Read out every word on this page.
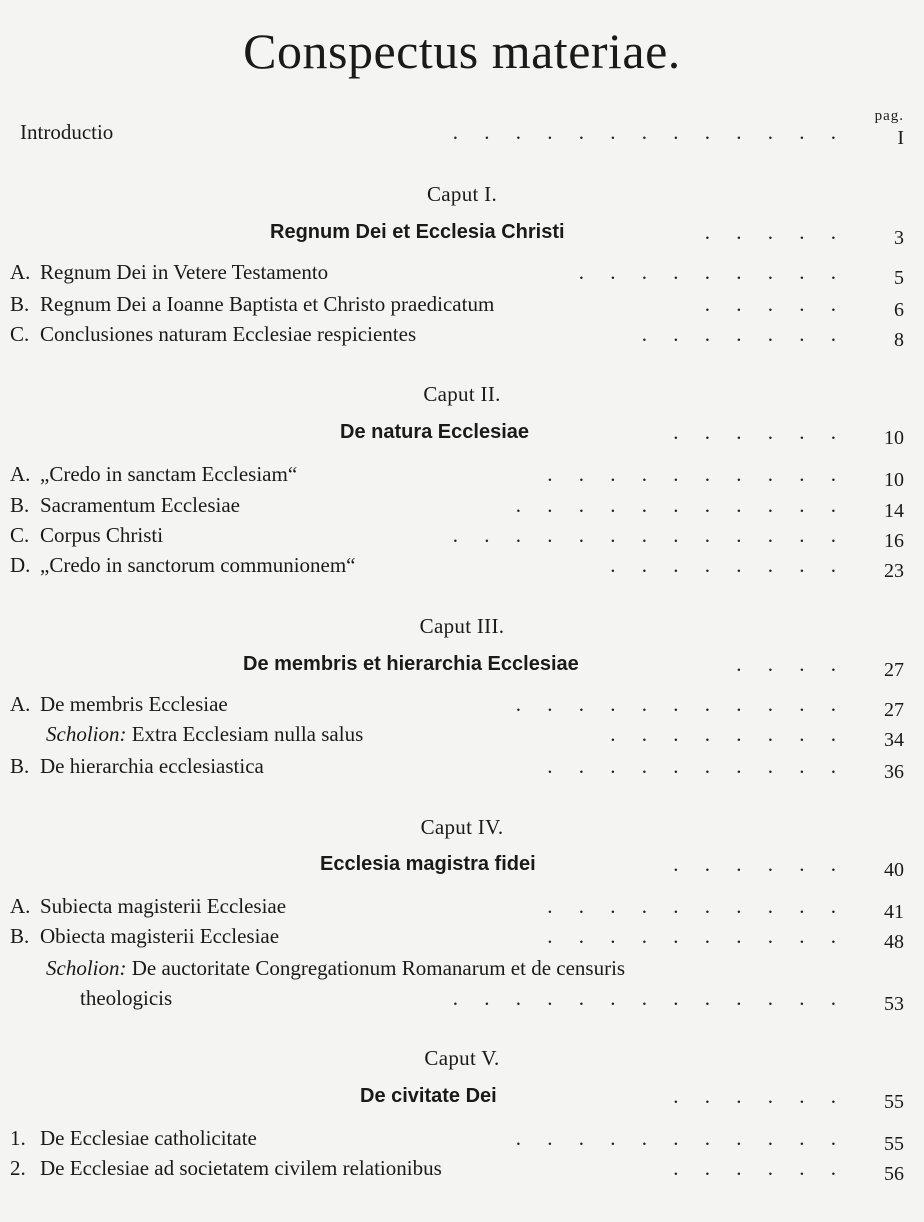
Conspectus materiae.
pag.
Introductio	.     .     .     .     .     .     .     .     .     .     .     .     .	I
Caput I.
Regnum Dei et Ecclesia Christi	.     .     .     .     .	3
A. Regnum Dei in Vetere Testamento	.     .     .     .     .     .     .     .     .	5
B. Regnum Dei a Ioanne Baptista et Christo praedicatum	.     .     .     .     .	6
C. Conclusiones naturam Ecclesiae respicientes	.     .     .     .     .     .     .	8
Caput II.
De natura Ecclesiae	.     .     .     .     .     . 10
A. „Credo in sanctam Ecclesiam“	.     .     .     .     .     .     .     .     .     . 10
B. Sacramentum Ecclesiae	.     .     .     .     .     .     .     .     .     .     . 14
C. Corpus Christi	.     .     .     .     .     .     .     .     .     .     .     .     . 16
D. „Credo in sanctorum communionem“	.     .     .     .     .     .     .     . 23
Caput III.
De membris et hierarchia Ecclesiae	.     .     .     . 27
A. De membris Ecclesiae	.     .     .     .     .     .     .     .     .     .     . 27
Scholion: Extra Ecclesiam nulla salus	.     .     .     .     .     .     .     . 34
B. De hierarchia ecclesiastica	.     .     .     .     .     .     .     .     .     . 36
Caput IV.
Ecclesia magistra fidei	.     .     .     .     .     . 40
A. Subiecta magisterii Ecclesiae	.     .     .     .     .     .     .     .     .     . 41
B. Obiecta magisterii Ecclesiae	.     .     .     .     .     .     .     .     .     . 48
Scholion: De auctoritate Congregationum Romanarum et de censuris
theologicis	.     .     .     .     .     .     .     .     .     .     .     .     . 53
Caput V.
De civitate Dei	.     .     .     .     .     . 55
1. De Ecclesiae catholicitate	.     .     .     .     .     .     .     .     .     .     . 55
2. De Ecclesiae ad societatem civilem relationibus	.     .     .     .     .     . 56
